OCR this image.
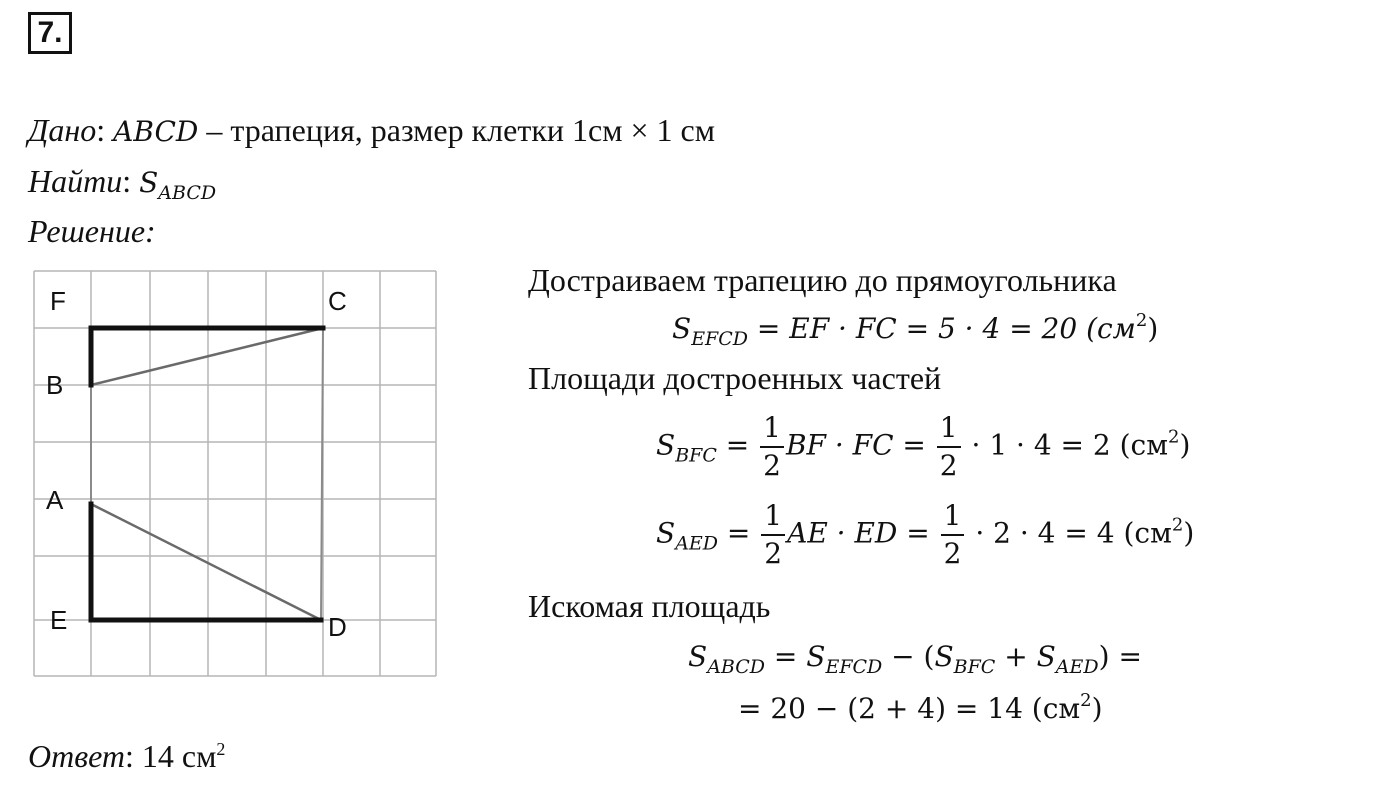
7.
Дано: ABCD – трапеция, размер клетки 1см × 1 см
Найти: $S_{ABCD}$
Решение:
F	C
B
A
E	D
Достраиваем трапецию до прямоугольника
$S_{EFCD}$ = EF · FC = 5 · 4 = 20 $(см^2)$
Площади достроенных частей
$S_{BFC} = \frac{1}{2}$ BF · FC = $\frac{1}{2} \cdot 1 \cdot 4 = 2$ $(см^2)$
$S_{AED} = \frac{1}{2}$ AE · ED = $\frac{1}{2} \cdot 2 \cdot 4 = 4$ $(см^2)$
Искомая площадь
$S_{ABCD} = S_{EFCD} - (S_{BFC} + S_{AED})$ =
= 20 − (2 + 4) = 14 $(см^2)$
Ответ: 14 $см^2$
